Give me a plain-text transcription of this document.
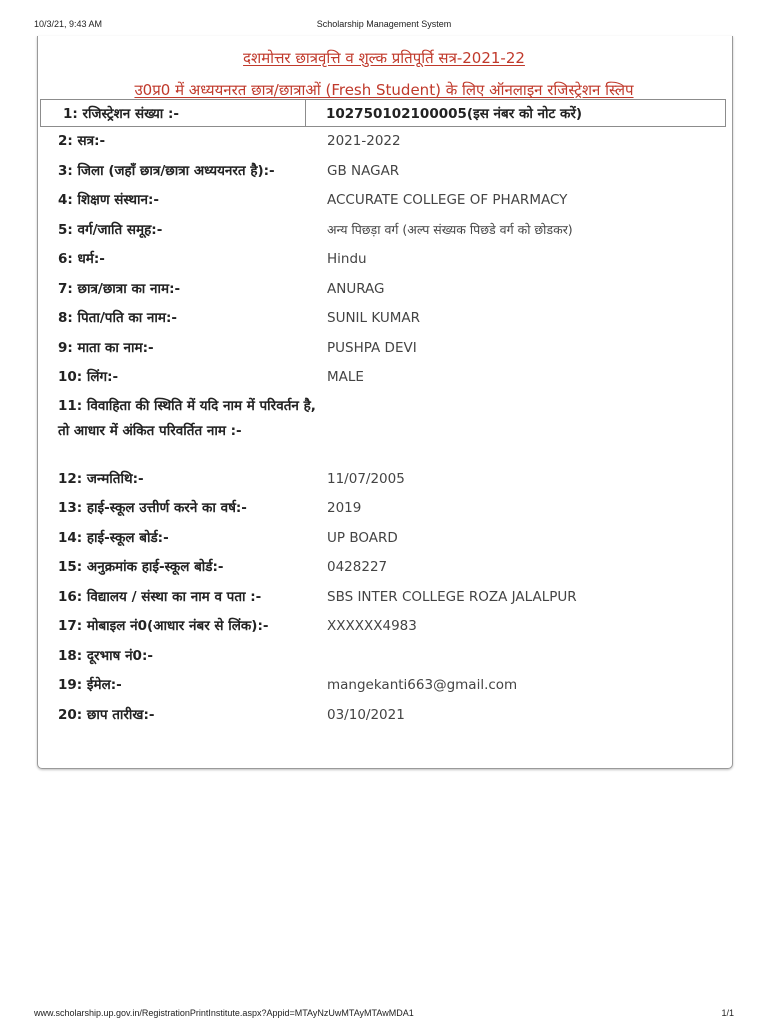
10/3/21, 9:43 AM	Scholarship Management System
दशमोत्तर छात्रवृत्ति व शुल्क प्रतिपूर्ति सत्र-2021-22
उ0प्र0 में अध्ययनरत छात्र/छात्राओं (Fresh Student) के लिए ऑनलाइन रजिस्ट्रेशन स्लिप
1: रजिस्ट्रेशन संख्या :-	102750102100005(इस नंबर को नोट करें)
2: सत्र:-	2021-2022
3: जिला (जहाँ छात्र/छात्रा अध्ययनरत है):-	GB NAGAR
4: शिक्षण संस्थान:-	ACCURATE COLLEGE OF PHARMACY
5: वर्ग/जाति समूह:-	अन्य पिछड़ा वर्ग (अल्प संख्यक पिछडे वर्ग को छोडकर)
6: धर्म:-	Hindu
7: छात्र/छात्रा का नाम:-	ANURAG
8: पिता/पति का नाम:-	SUNIL KUMAR
9: माता का नाम:-	PUSHPA DEVI
10: लिंग:-	MALE
11: विवाहिता की स्थिति में यदि नाम में परिवर्तन है, तो आधार में अंकित परिवर्तित नाम :-
12: जन्मतिथि:-	11/07/2005
13: हाई-स्कूल उत्तीर्ण करने का वर्ष:-	2019
14: हाई-स्कूल बोर्ड:-	UP BOARD
15: अनुक्रमांक हाई-स्कूल बोर्ड:-	0428227
16: विद्यालय / संस्था का नाम व पता :-	SBS INTER COLLEGE ROZA JALALPUR
17: मोबाइल नं0(आधार नंबर से लिंक):-	XXXXXX4983
18: दूरभाष नं0:-
19: ईमेल:-	mangekanti663@gmail.com
20: छाप तारीख:-	03/10/2021
www.scholarship.up.gov.in/RegistrationPrintInstitute.aspx?Appid=MTAyNzUwMTAyMTAwMDA1	1/1
